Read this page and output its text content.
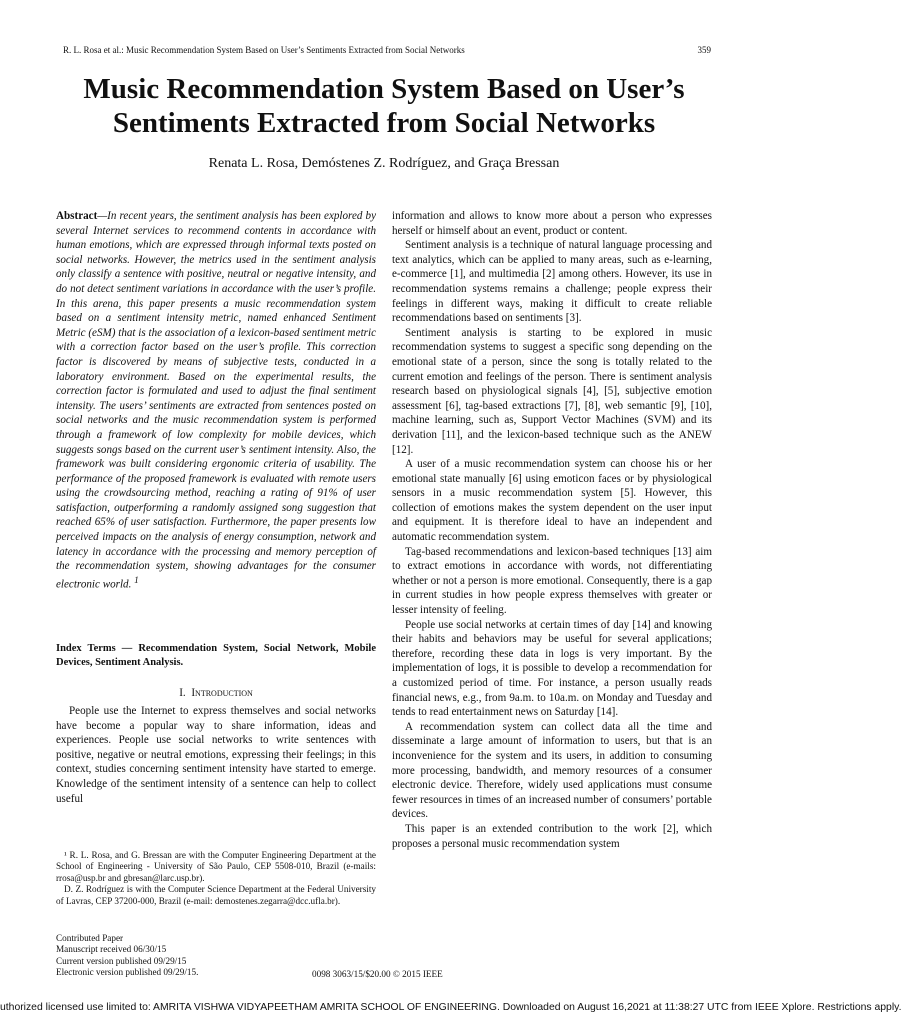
R. L. Rosa et al.: Music Recommendation System Based on User’s Sentiments Extracted from Social Networks	359
Music Recommendation System Based on User’s Sentiments Extracted from Social Networks
Renata L. Rosa, Demóstenes Z. Rodríguez, and Graça Bressan

Abstract—In recent years, the sentiment analysis has been explored by several Internet services to recommend contents in accordance with human emotions, which are expressed through informal texts posted on social networks. However, the metrics used in the sentiment analysis only classify a sentence with positive, neutral or negative intensity, and do not detect sentiment variations in accordance with the user’s profile. In this arena, this paper presents a music recommendation system based on a sentiment intensity metric, named enhanced Sentiment Metric (eSM) that is the association of a lexicon-based sentiment metric with a correction factor based on the user’s profile. This correction factor is discovered by means of subjective tests, conducted in a laboratory environment. Based on the experimental results, the correction factor is formulated and used to adjust the final sentiment intensity. The users’ sentiments are extracted from sentences posted on social networks and the music recommendation system is performed through a framework of low complexity for mobile devices, which suggests songs based on the current user’s sentiment intensity. Also, the framework was built considering ergonomic criteria of usability. The performance of the proposed framework is evaluated with remote users using the crowdsourcing method, reaching a rating of 91% of user satisfaction, outperforming a randomly assigned song suggestion that reached 65% of user satisfaction. Furthermore, the paper presents low perceived impacts on the analysis of energy consumption, network and latency in accordance with the processing and memory perception of the recommendation system, showing advantages for the consumer electronic world. $^1$

Index Terms — Recommendation System, Social Network, Mobile Devices, Sentiment Analysis.
I. Introduction

People use the Internet to express themselves and social networks have become a popular way to share information, ideas and experiences. People use social networks to write sentences with positive, negative or neutral emotions, expressing their feelings; in this context, studies concerning sentiment intensity have started to emerge. Knowledge of the sentiment intensity of a sentence can help to collect useful

¹ R. L. Rosa, and G. Bressan are with the Computer Engineering Department at the School of Engineering - University of São Paulo, CEP 5508-010, Brazil (e-mails: rrosa@usp.br and gbresan@larc.usp.br).

D. Z. Rodríguez is with the Computer Science Department at the Federal University of Lavras, CEP 37200-000, Brazil (e-mail: demostenes.zegarra@dcc.ufla.br).

Contributed Paper

Manuscript received 06/30/15

Current version published 09/29/15

Electronic version published 09/29/15.	0098 3063/15/$20.00 © 2015 IEEE

information and allows to know more about a person who expresses herself or himself about an event, product or content.

Sentiment analysis is a technique of natural language processing and text analytics, which can be applied to many areas, such as e-learning, e-commerce [1], and multimedia [2] among others. However, its use in recommendation systems remains a challenge; people express their feelings in different ways, making it difficult to create reliable recommendations based on sentiments [3].

Sentiment analysis is starting to be explored in music recommendation systems to suggest a specific song depending on the emotional state of a person, since the song is totally related to the current emotion and feelings of the person. There is sentiment analysis research based on physiological signals [4], [5], subjective emotion assessment [6], tag-based extractions [7], [8], web semantic [9], [10], machine learning, such as, Support Vector Machines (SVM) and its derivation [11], and the lexicon-based technique such as the ANEW [12].

A user of a music recommendation system can choose his or her emotional state manually [6] using emoticon faces or by physiological sensors in a music recommendation system [5]. However, this collection of emotions makes the system dependent on the user input and equipment. It is therefore ideal to have an independent and automatic recommendation system.

Tag-based recommendations and lexicon-based techniques [13] aim to extract emotions in accordance with words, not differentiating whether or not a person is more emotional. Consequently, there is a gap in current studies in how people express themselves with greater or lesser intensity of feeling.

People use social networks at certain times of day [14] and knowing their habits and behaviors may be useful for several applications; therefore, recording these data in logs is very important. By the implementation of logs, it is possible to develop a recommendation for a customized period of time. For instance, a person usually reads financial news, e.g., from 9a.m. to 10a.m. on Monday and Tuesday and tends to read entertainment news on Saturday [14].

A recommendation system can collect data all the time and disseminate a large amount of information to users, but that is an inconvenience for the system and its users, in addition to consuming more processing, bandwidth, and memory resources of a consumer electronic device. Therefore, widely used applications must consume fewer resources in times of an increased number of consumers’ portable devices.

This paper is an extended contribution to the work [2], which proposes a personal music recommendation system

uthorized licensed use limited to: AMRITA VISHWA VIDYAPEETHAM AMRITA SCHOOL OF ENGINEERING. Downloaded on August 16,2021 at 11:38:27 UTC from IEEE Xplore. Restrictions apply.
